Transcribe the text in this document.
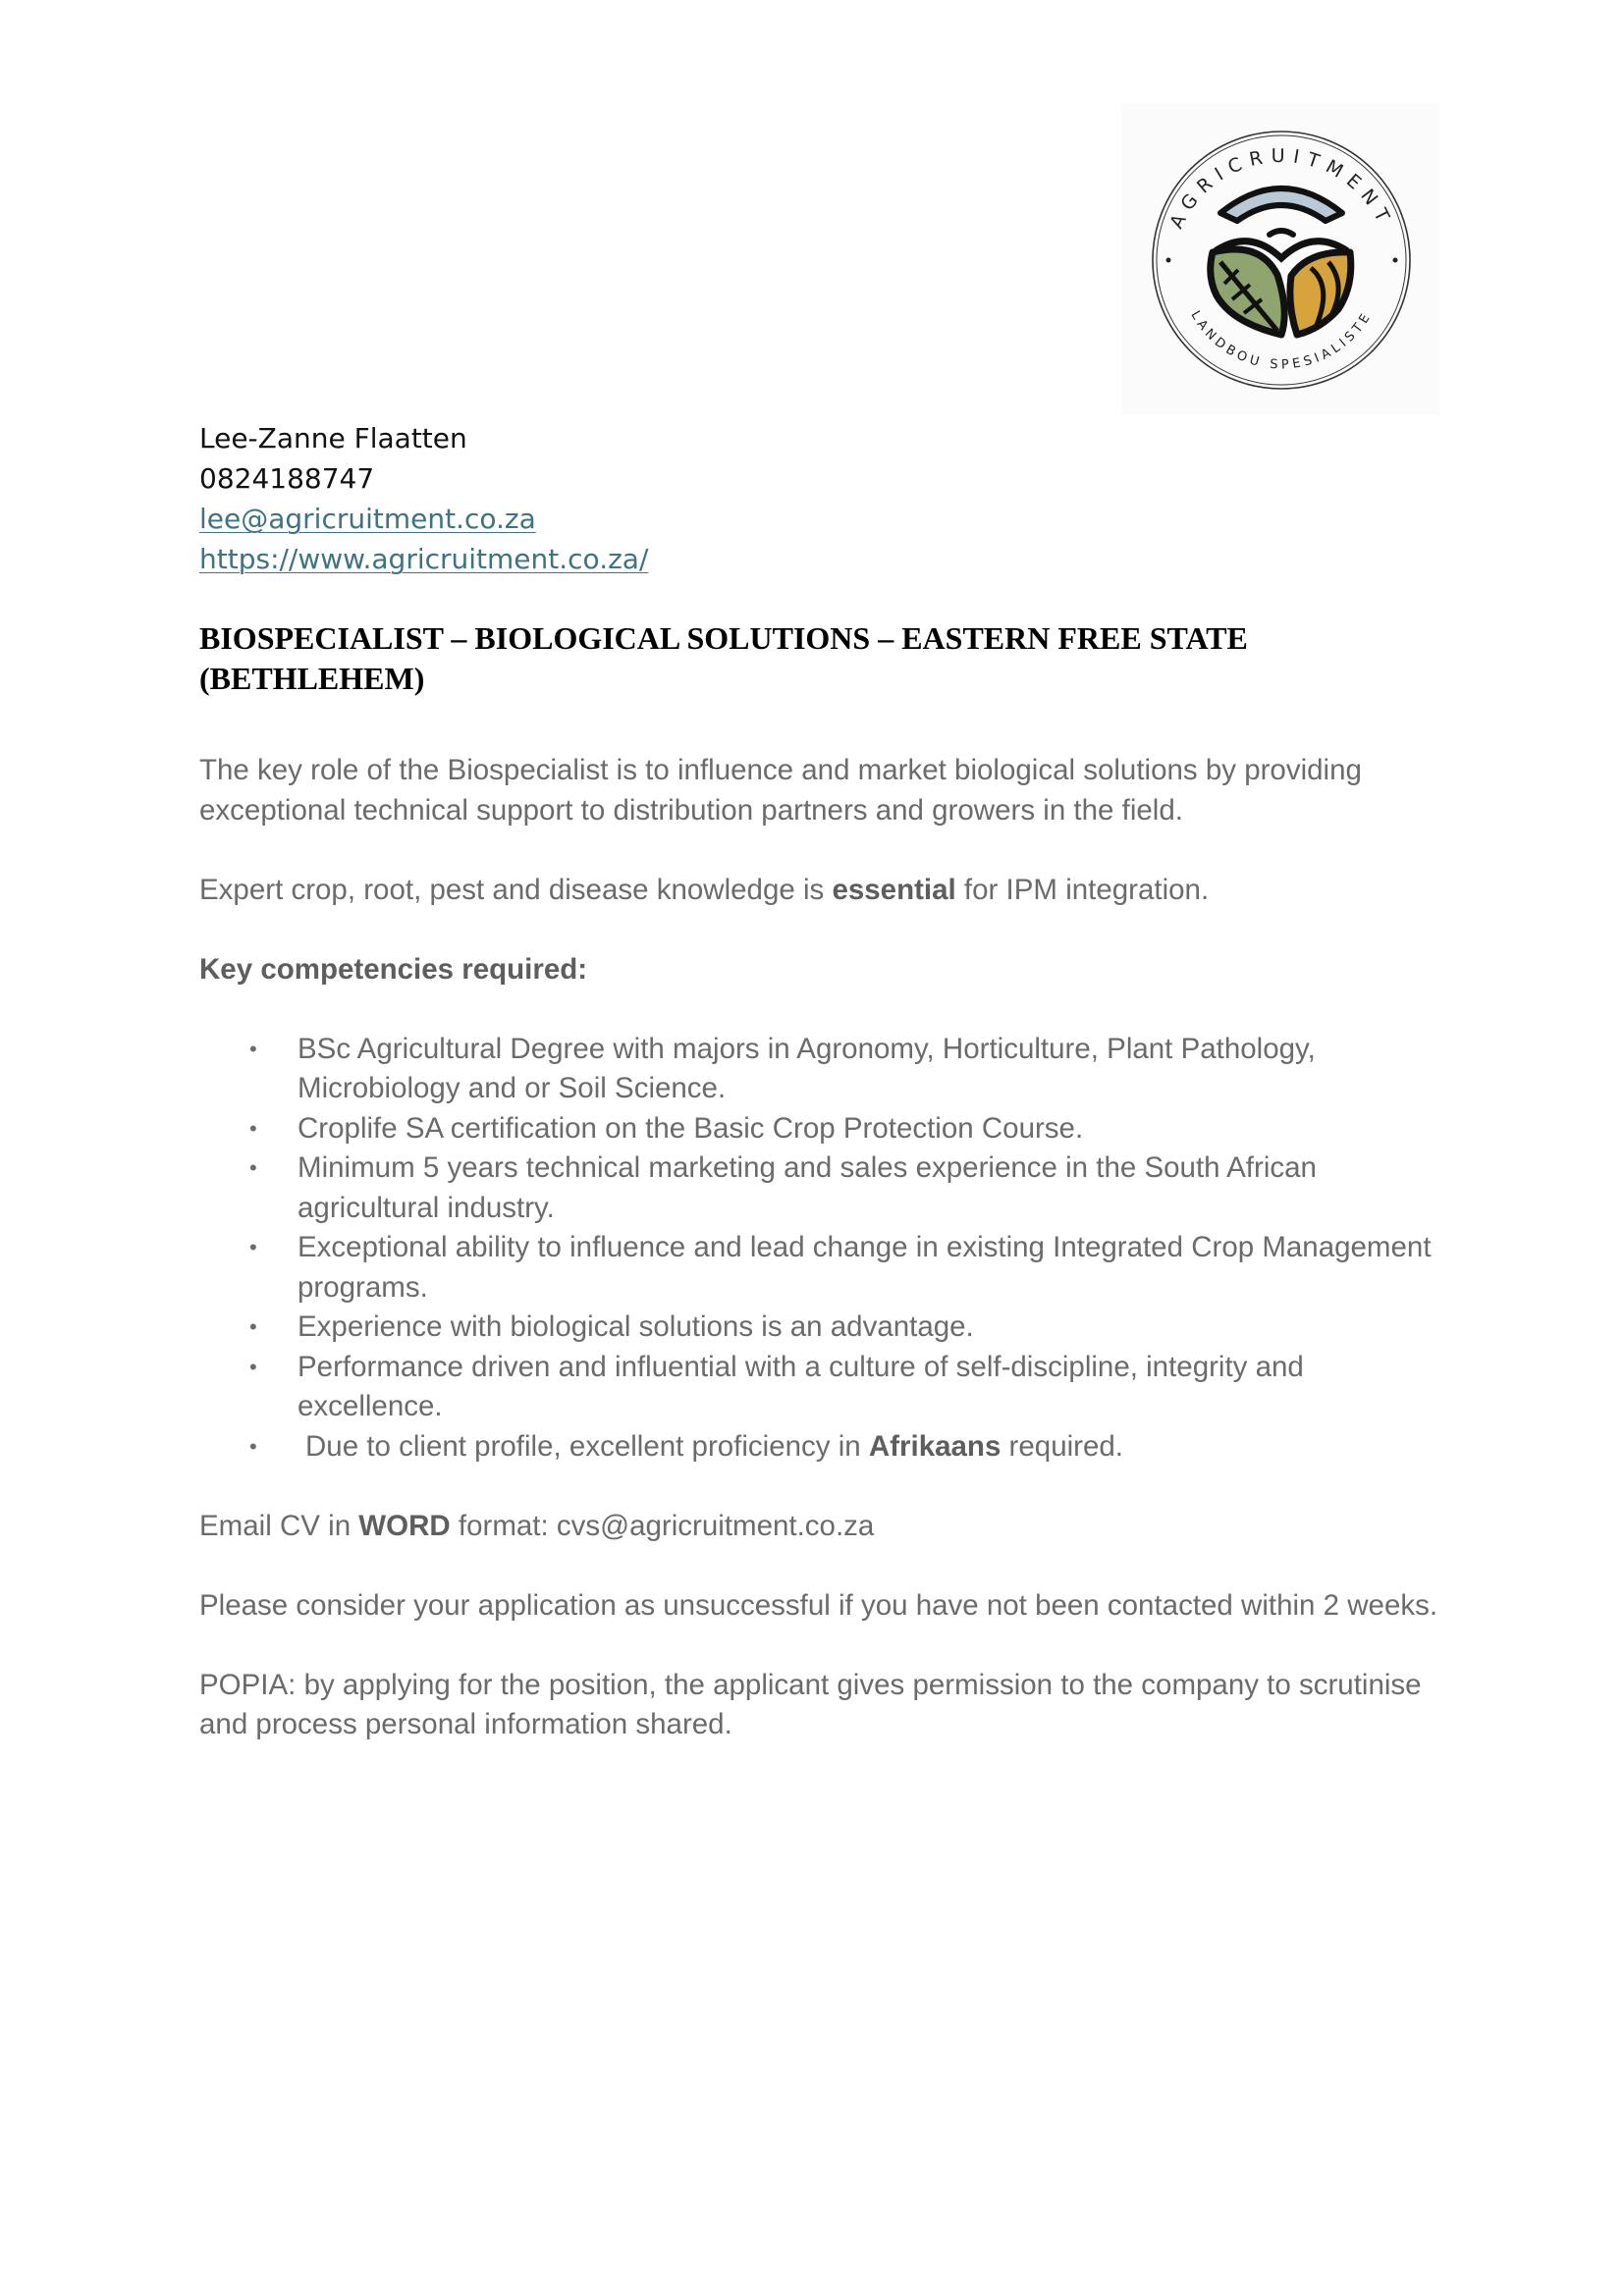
AGRICRUITMENT
LANDBOU SPESIALISTE
Lee-Zanne Flaatten
0824188747
lee@agricruitment.co.za
https://www.agricruitment.co.za/
BIOSPECIALIST – BIOLOGICAL SOLUTIONS – EASTERN FREE STATE (BETHLEHEM)

The key role of the Biospecialist is to influence and market biological solutions by providing exceptional technical support to distribution partners and growers in the field.

Expert crop, root, pest and disease knowledge is essential for IPM integration.

Key competencies required:

• BSc Agricultural Degree with majors in Agronomy, Horticulture, Plant Pathology, Microbiology and or Soil Science.
• Croplife SA certification on the Basic Crop Protection Course.
• Minimum 5 years technical marketing and sales experience in the South African agricultural industry.
• Exceptional ability to influence and lead change in existing Integrated Crop Management programs.
• Experience with biological solutions is an advantage.
• Performance driven and influential with a culture of self-discipline, integrity and excellence.
• Due to client profile, excellent proficiency in Afrikaans required.

Email CV in WORD format: cvs@agricruitment.co.za

Please consider your application as unsuccessful if you have not been contacted within 2 weeks.

POPIA: by applying for the position, the applicant gives permission to the company to scrutinise and process personal information shared.
